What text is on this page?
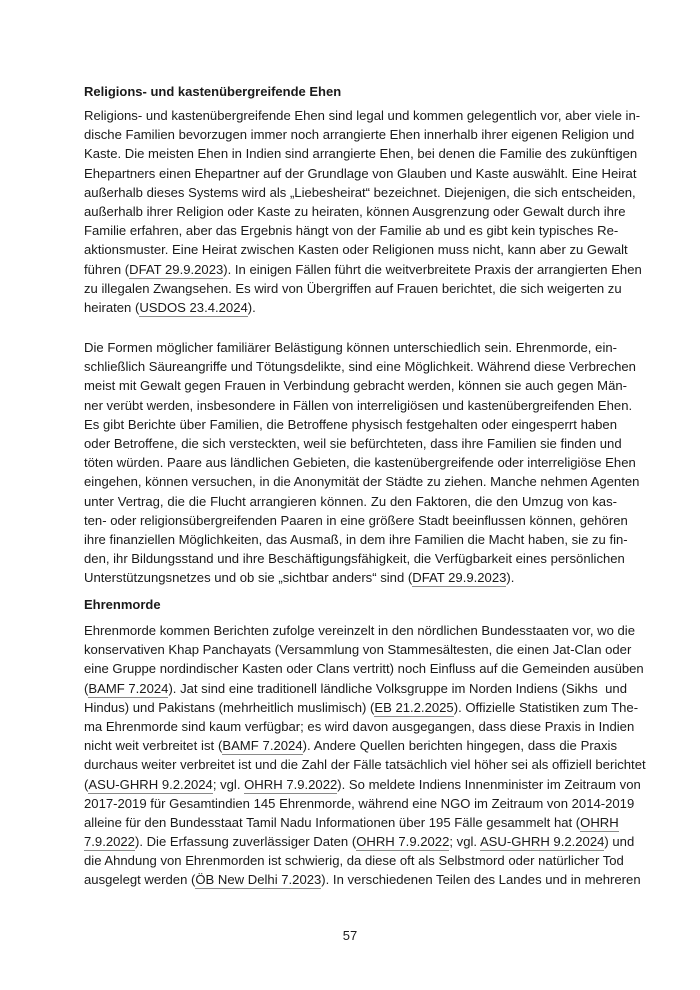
Religions- und kastenübergreifende Ehen
Religions- und kastenübergreifende Ehen sind legal und kommen gelegentlich vor, aber viele in-
dische Familien bevorzugen immer noch arrangierte Ehen innerhalb ihrer eigenen Religion und
Kaste. Die meisten Ehen in Indien sind arrangierte Ehen, bei denen die Familie des zukünftigen
Ehepartners einen Ehepartner auf der Grundlage von Glauben und Kaste auswählt. Eine Heirat
außerhalb dieses Systems wird als „Liebesheirat“ bezeichnet. Diejenigen, die sich entscheiden,
außerhalb ihrer Religion oder Kaste zu heiraten, können Ausgrenzung oder Gewalt durch ihre
Familie erfahren, aber das Ergebnis hängt von der Familie ab und es gibt kein typisches Re-
aktionsmuster. Eine Heirat zwischen Kasten oder Religionen muss nicht, kann aber zu Gewalt
führen (DFAT 29.9.2023). In einigen Fällen führt die weitverbreitete Praxis der arrangierten Ehen
zu illegalen Zwangsehen. Es wird von Übergriffen auf Frauen berichtet, die sich weigerten zu
heiraten (USDOS 23.4.2024).
Die Formen möglicher familiärer Belästigung können unterschiedlich sein. Ehrenmorde, ein-
schließlich Säureangriffe und Tötungsdelikte, sind eine Möglichkeit. Während diese Verbrechen
meist mit Gewalt gegen Frauen in Verbindung gebracht werden, können sie auch gegen Män-
ner verübt werden, insbesondere in Fällen von interreligiösen und kastenübergreifenden Ehen.
Es gibt Berichte über Familien, die Betroffene physisch festgehalten oder eingesperrt haben
oder Betroffene, die sich versteckten, weil sie befürchteten, dass ihre Familien sie finden und
töten würden. Paare aus ländlichen Gebieten, die kastenübergreifende oder interreligiöse Ehen
eingehen, können versuchen, in die Anonymität der Städte zu ziehen. Manche nehmen Agenten
unter Vertrag, die die Flucht arrangieren können. Zu den Faktoren, die den Umzug von kas-
ten- oder religionsübergreifenden Paaren in eine größere Stadt beeinflussen können, gehören
ihre finanziellen Möglichkeiten, das Ausmaß, in dem ihre Familien die Macht haben, sie zu fin-
den, ihr Bildungsstand und ihre Beschäftigungsfähigkeit, die Verfügbarkeit eines persönlichen
Unterstützungsnetzes und ob sie „sichtbar anders“ sind (DFAT 29.9.2023).
Ehrenmorde
Ehrenmorde kommen Berichten zufolge vereinzelt in den nördlichen Bundesstaaten vor, wo die
konservativen Khap Panchayats (Versammlung von Stammesältesten, die einen Jat-Clan oder
eine Gruppe nordindischer Kasten oder Clans vertritt) noch Einfluss auf die Gemeinden ausüben
(BAMF 7.2024). Jat sind eine traditionell ländliche Volksgruppe im Norden Indiens (Sikhs  und
Hindus) und Pakistans (mehrheitlich muslimisch) (EB 21.2.2025). Offizielle Statistiken zum The-
ma Ehrenmorde sind kaum verfügbar; es wird davon ausgegangen, dass diese Praxis in Indien
nicht weit verbreitet ist (BAMF 7.2024). Andere Quellen berichten hingegen, dass die Praxis
durchaus weiter verbreitet ist und die Zahl der Fälle tatsächlich viel höher sei als offiziell berichtet
(ASU-GHRH 9.2.2024; vgl. OHRH 7.9.2022). So meldete Indiens Innenminister im Zeitraum von
2017-2019 für Gesamtindien 145 Ehrenmorde, während eine NGO im Zeitraum von 2014-2019
alleine für den Bundesstaat Tamil Nadu Informationen über 195 Fälle gesammelt hat (OHRH
7.9.2022). Die Erfassung zuverlässiger Daten (OHRH 7.9.2022; vgl. ASU-GHRH 9.2.2024) und
die Ahndung von Ehrenmorden ist schwierig, da diese oft als Selbstmord oder natürlicher Tod
ausgelegt werden (ÖB New Delhi 7.2023). In verschiedenen Teilen des Landes und in mehreren
57
